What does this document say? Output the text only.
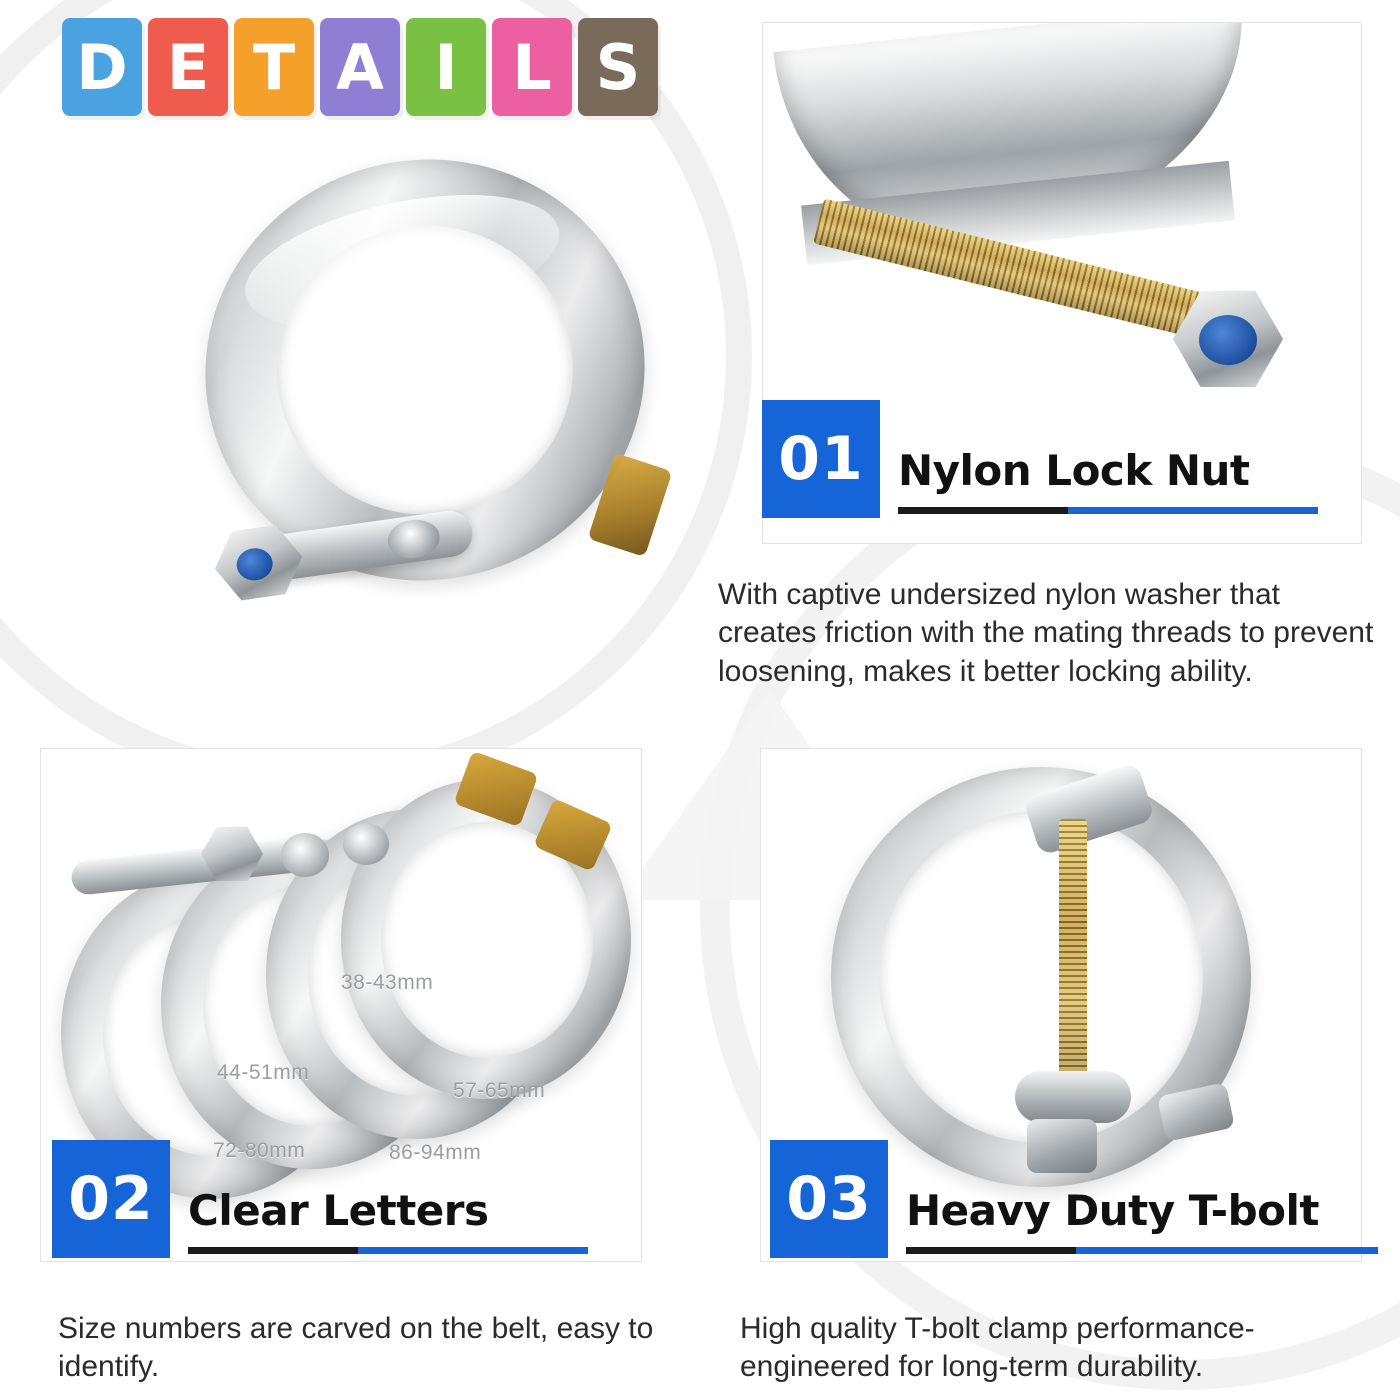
D E T A I L S
01 Nylon Lock Nut
With captive undersized nylon washer that creates friction with the mating threads to prevent loosening, makes it better locking ability.
38-43mm
44-51mm
57-65mm
72-80mm	86-94mm
02 Clear Letters
Size numbers are carved on the belt, easy to identify.
03 Heavy Duty T-bolt
High quality T-bolt clamp performance-engineered for long-term durability.
